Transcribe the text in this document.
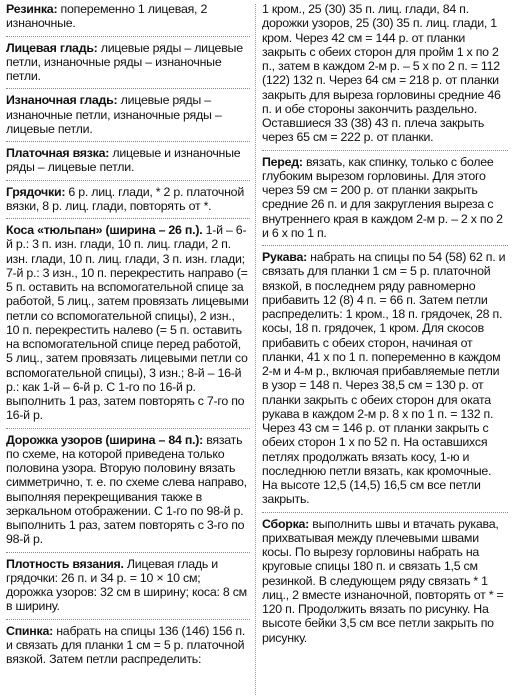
Резинка: попеременно 1 лицевая, 2 изнаночные.

Лицевая гладь: лицевые ряды – лицевые петли, изнаночные ряды – изнаночные петли.

Изнаночная гладь: лицевые ряды – изнаночные петли, изнаночные ряды – лицевые петли.

Платочная вязка: лицевые и изнаночные ряды – лицевые петли.

Грядочки: 6 р. лиц. глади, * 2 р. платочной вязки, 8 р. лиц. глади, повторять от *.

Коса «тюльпан» (ширина – 26 п.). 1-й – 6-й р.: 3 п. изн. глади, 10 п. лиц. глади, 2 п. изн. глади, 10 п. лиц. глади, 3 п. изн. глади; 7-й р.: 3 изн., 10 п. перекрестить направо (= 5 п. оставить на вспомогательной спице за работой, 5 лиц., затем провязать лицевыми петли со вспомогательной спицы), 2 изн., 10 п. перекрестить налево (= 5 п. оставить на вспомогательной спице перед работой, 5 лиц., затем провязать лицевыми петли со вспомогательной спицы), 3 изн.; 8-й – 16-й р.: как 1-й – 6-й р. С 1-го по 16-й р. выполнить 1 раз, затем повторять с 7-го по 16-й р.

Дорожка узоров (ширина – 84 п.): вязать по схеме, на которой приведена только половина узора. Вторую половину вязать симметрично, т. е. по схеме слева направо, выполняя перекрещивания также в зеркальном отображении. С 1-го по 98-й р. выполнить 1 раз, затем повторять с 3-го по 98-й р.

Плотность вязания. Лицевая гладь и грядочки: 26 п. и 34 р. = 10 × 10 см; дорожка узоров: 32 см в ширину; коса: 8 см в ширину.

Спинка: набрать на спицы 136 (146) 156 п. и связать для планки 1 см = 5 р. платочной вязкой. Затем петли распределить:

1 кром., 25 (30) 35 п. лиц. глади, 84 п. дорожки узоров, 25 (30) 35 п. лиц. глади, 1 кром. Через 42 см = 144 р. от планки закрыть с обеих сторон для пройм 1 х по 2 п., затем в каждом 2-м р. – 5 х по 2 п. = 112 (122) 132 п. Через 64 см = 218 р. от планки закрыть для выреза горловины средние 46 п. и обе стороны закончить раздельно. Оставшиеся 33 (38) 43 п. плеча закрыть через 65 см = 222 р. от планки.

Перед: вязать, как спинку, только с более глубоким вырезом горловины. Для этого через 59 см = 200 р. от планки закрыть средние 26 п. и для закругления выреза с внутреннего края в каждом 2-м р. – 2 х по 2 и 6 х по 1 п.

Рукава: набрать на спицы по 54 (58) 62 п. и связать для планки 1 см = 5 р. платочной вязкой, в последнем ряду равномерно прибавить 12 (8) 4 п. = 66 п. Затем петли распределить: 1 кром., 18 п. грядочек, 28 п. косы, 18 п. грядочек, 1 кром. Для скосов прибавить с обеих сторон, начиная от планки, 41 х по 1 п. попеременно в каждом 2-м и 4-м р., включая прибавляемые петли в узор = 148 п. Через 38,5 см = 130 р. от планки закрыть с обеих сторон для оката рукава в каждом 2-м р. 8 х по 1 п. = 132 п. Через 43 см = 146 р. от планки закрыть с обеих сторон 1 х по 52 п. На оставшихся петлях продолжать вязать косу, 1-ю и последнюю петли вязать, как кромочные. На высоте 12,5 (14,5) 16,5 см все петли закрыть.

Сборка: выполнить швы и втачать рукава, прихватывая между плечевыми швами косы. По вырезу горловины набрать на круговые спицы 180 п. и связать 1,5 см резинкой. В следующем ряду связать * 1 лиц., 2 вместе изнаночной, повторять от * = 120 п. Продолжить вязать по рисунку. На высоте бейки 3,5 см все петли закрыть по рисунку.
